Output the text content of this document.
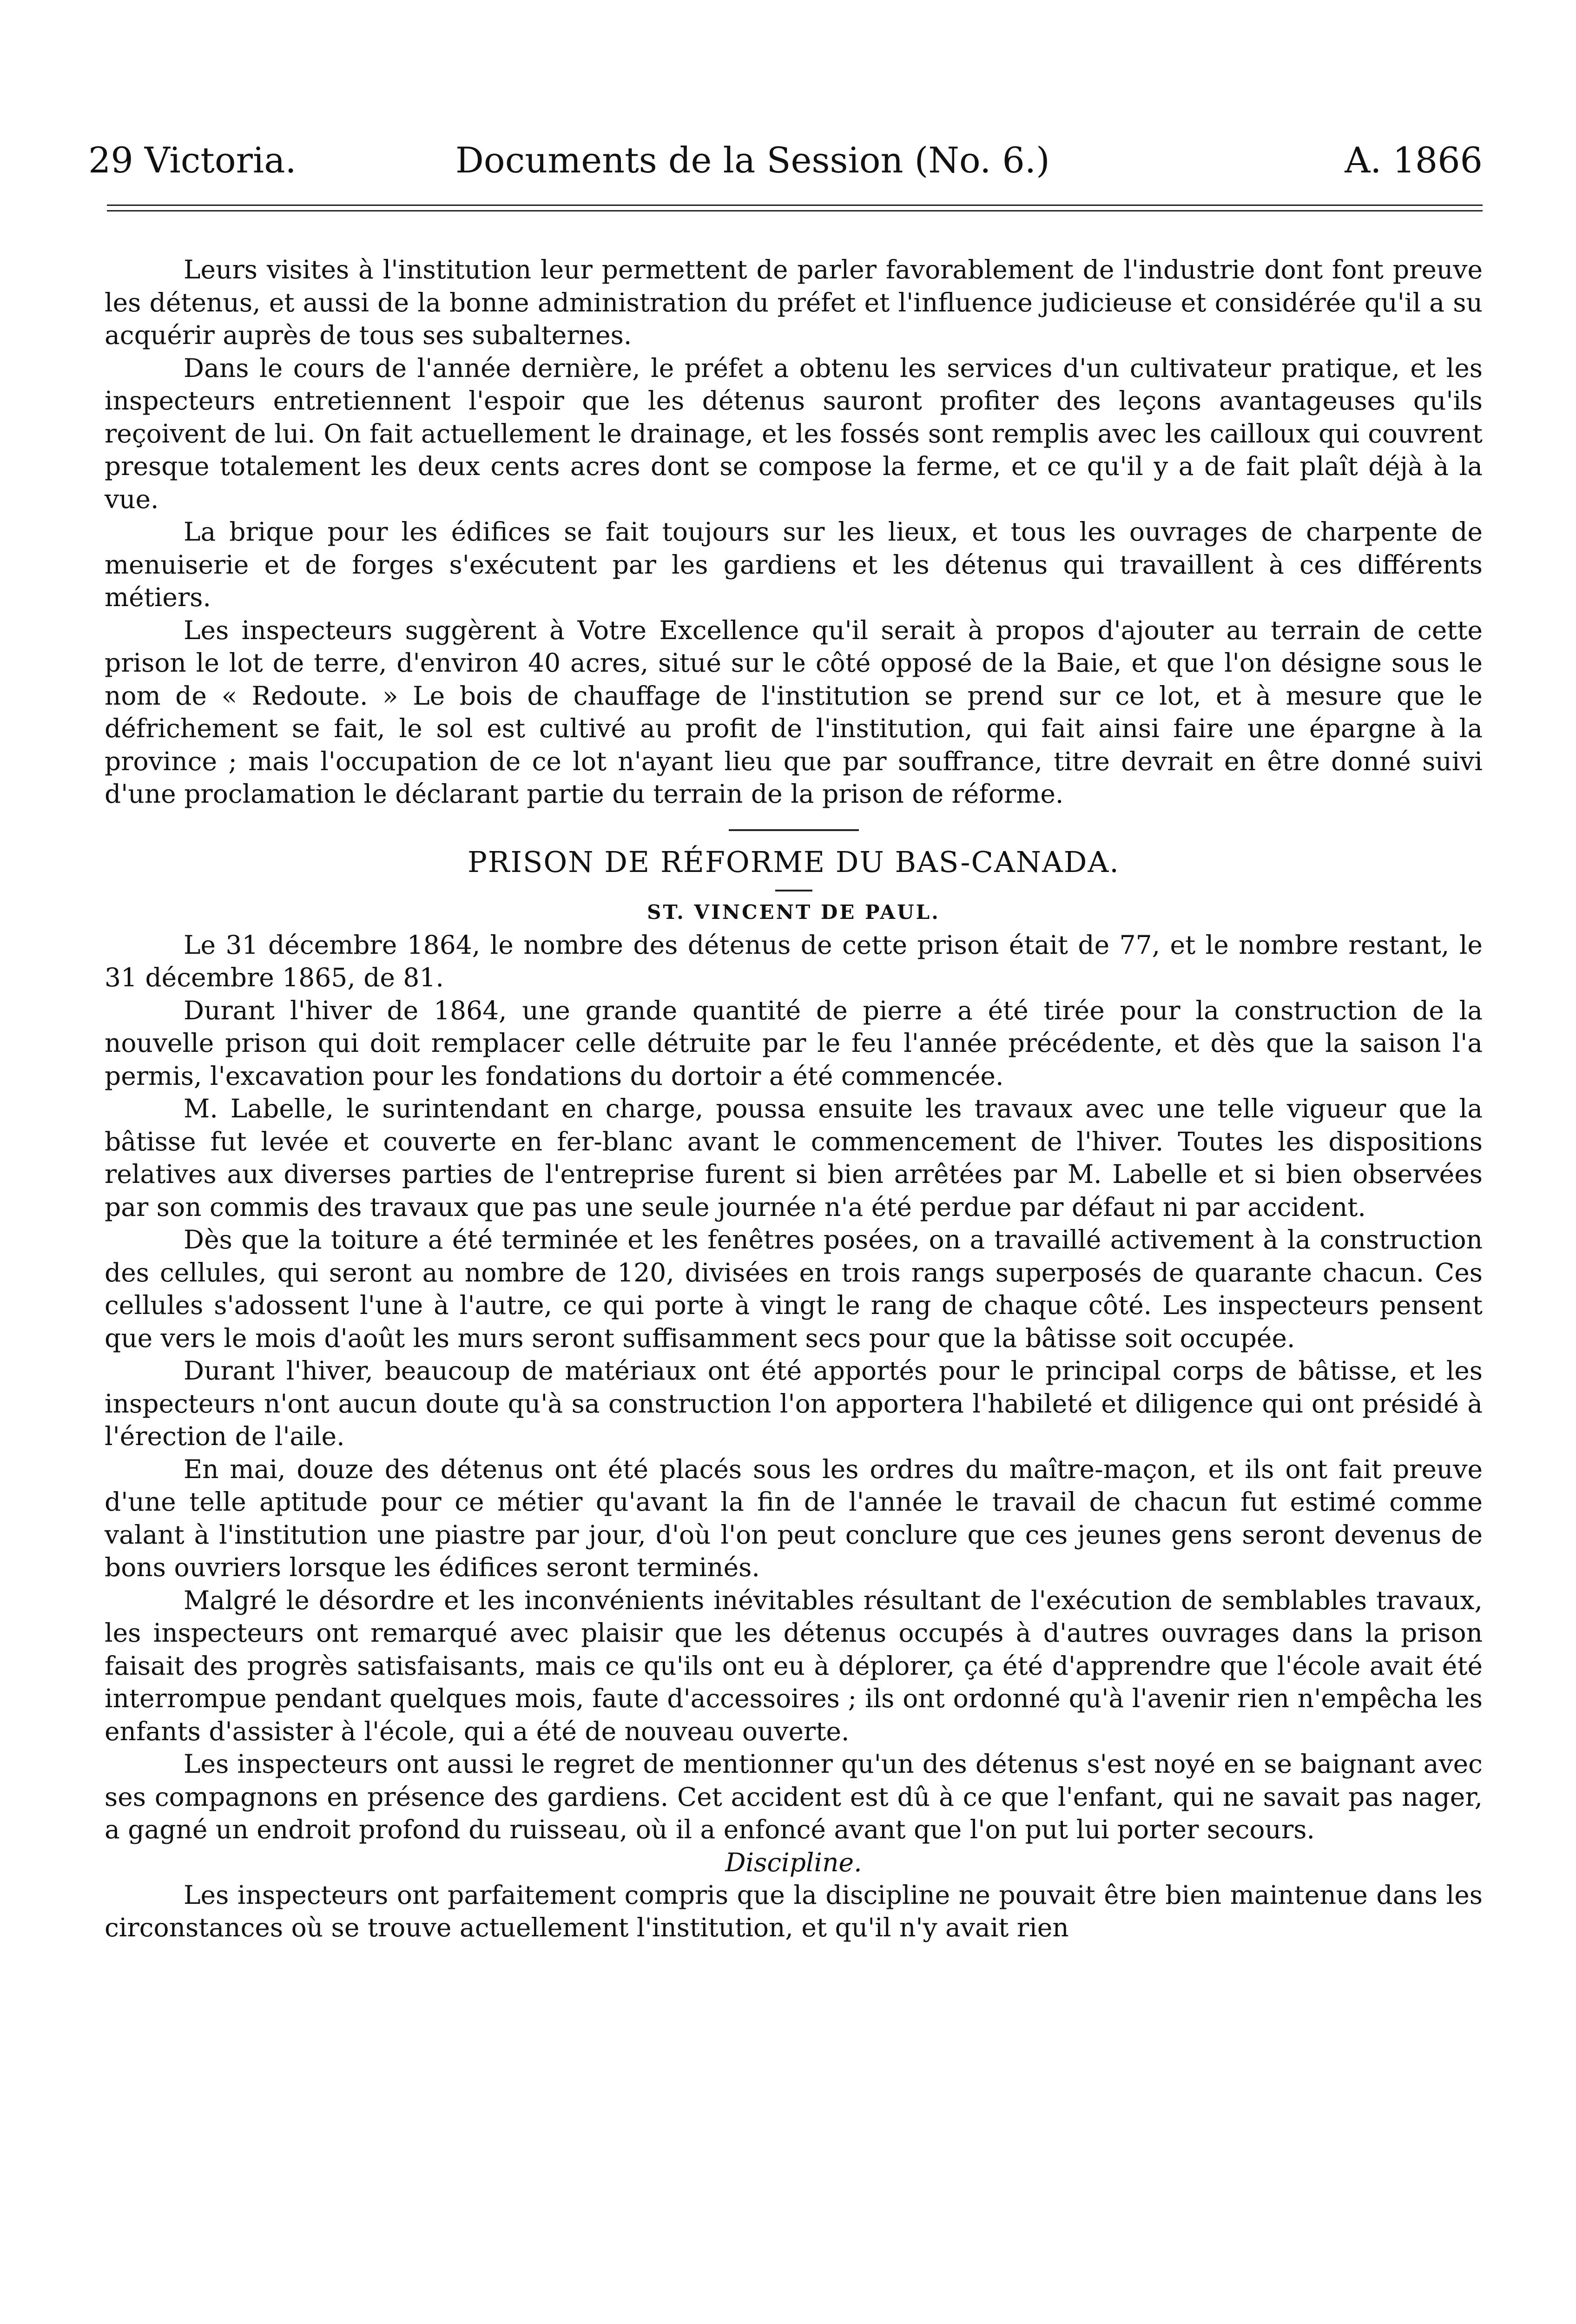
29 Victoria.	Documents de la Session (No. 6.)	A. 1866

Leurs visites à l'institution leur permettent de parler favorablement de l'industrie dont font preuve les détenus, et aussi de la bonne administration du préfet et l'influence judicieuse et considérée qu'il a su acquérir auprès de tous ses subalternes.

Dans le cours de l'année dernière, le préfet a obtenu les services d'un cultivateur pratique, et les inspecteurs entretiennent l'espoir que les détenus sauront profiter des leçons avantageuses qu'ils reçoivent de lui. On fait actuellement le drainage, et les fossés sont remplis avec les cailloux qui couvrent presque totalement les deux cents acres dont se compose la ferme, et ce qu'il y a de fait plaît déjà à la vue.

La brique pour les édifices se fait toujours sur les lieux, et tous les ouvrages de charpente de menuiserie et de forges s'exécutent par les gardiens et les détenus qui travaillent à ces différents métiers.

Les inspecteurs suggèrent à Votre Excellence qu'il serait à propos d'ajouter au terrain de cette prison le lot de terre, d'environ 40 acres, situé sur le côté opposé de la Baie, et que l'on désigne sous le nom de « Redoute. » Le bois de chauffage de l'institution se prend sur ce lot, et à mesure que le défrichement se fait, le sol est cultivé au profit de l'institution, qui fait ainsi faire une épargne à la province ; mais l'occupation de ce lot n'ayant lieu que par souffrance, titre devrait en être donné suivi d'une proclamation le déclarant partie du terrain de la prison de réforme.

PRISON DE RÉFORME DU BAS-CANADA.
ST. VINCENT DE PAUL.

Le 31 décembre 1864, le nombre des détenus de cette prison était de 77, et le nombre restant, le 31 décembre 1865, de 81.

Durant l'hiver de 1864, une grande quantité de pierre a été tirée pour la construction de la nouvelle prison qui doit remplacer celle détruite par le feu l'année précédente, et dès que la saison l'a permis, l'excavation pour les fondations du dortoir a été commencée.

M. Labelle, le surintendant en charge, poussa ensuite les travaux avec une telle vigueur que la bâtisse fut levée et couverte en fer-blanc avant le commencement de l'hiver. Toutes les dispositions relatives aux diverses parties de l'entreprise furent si bien arrêtées par M. Labelle et si bien observées par son commis des travaux que pas une seule journée n'a été perdue par défaut ni par accident.

Dès que la toiture a été terminée et les fenêtres posées, on a travaillé activement à la construction des cellules, qui seront au nombre de 120, divisées en trois rangs superposés de quarante chacun. Ces cellules s'adossent l'une à l'autre, ce qui porte à vingt le rang de chaque côté. Les inspecteurs pensent que vers le mois d'août les murs seront suffisamment secs pour que la bâtisse soit occupée.

Durant l'hiver, beaucoup de matériaux ont été apportés pour le principal corps de bâtisse, et les inspecteurs n'ont aucun doute qu'à sa construction l'on apportera l'habileté et diligence qui ont présidé à l'érection de l'aile.

En mai, douze des détenus ont été placés sous les ordres du maître-maçon, et ils ont fait preuve d'une telle aptitude pour ce métier qu'avant la fin de l'année le travail de chacun fut estimé comme valant à l'institution une piastre par jour, d'où l'on peut conclure que ces jeunes gens seront devenus de bons ouvriers lorsque les édifices seront terminés.

Malgré le désordre et les inconvénients inévitables résultant de l'exécution de semblables travaux, les inspecteurs ont remarqué avec plaisir que les détenus occupés à d'autres ouvrages dans la prison faisait des progrès satisfaisants, mais ce qu'ils ont eu à déplorer, ça été d'apprendre que l'école avait été interrompue pendant quelques mois, faute d'accessoires ; ils ont ordonné qu'à l'avenir rien n'empêcha les enfants d'assister à l'école, qui a été de nouveau ouverte.

Les inspecteurs ont aussi le regret de mentionner qu'un des détenus s'est noyé en se baignant avec ses compagnons en présence des gardiens. Cet accident est dû à ce que l'enfant, qui ne savait pas nager, a gagné un endroit profond du ruisseau, où il a enfoncé avant que l'on put lui porter secours.

Discipline.

Les inspecteurs ont parfaitement compris que la discipline ne pouvait être bien maintenue dans les circonstances où se trouve actuellement l'institution, et qu'il n'y avait rien
